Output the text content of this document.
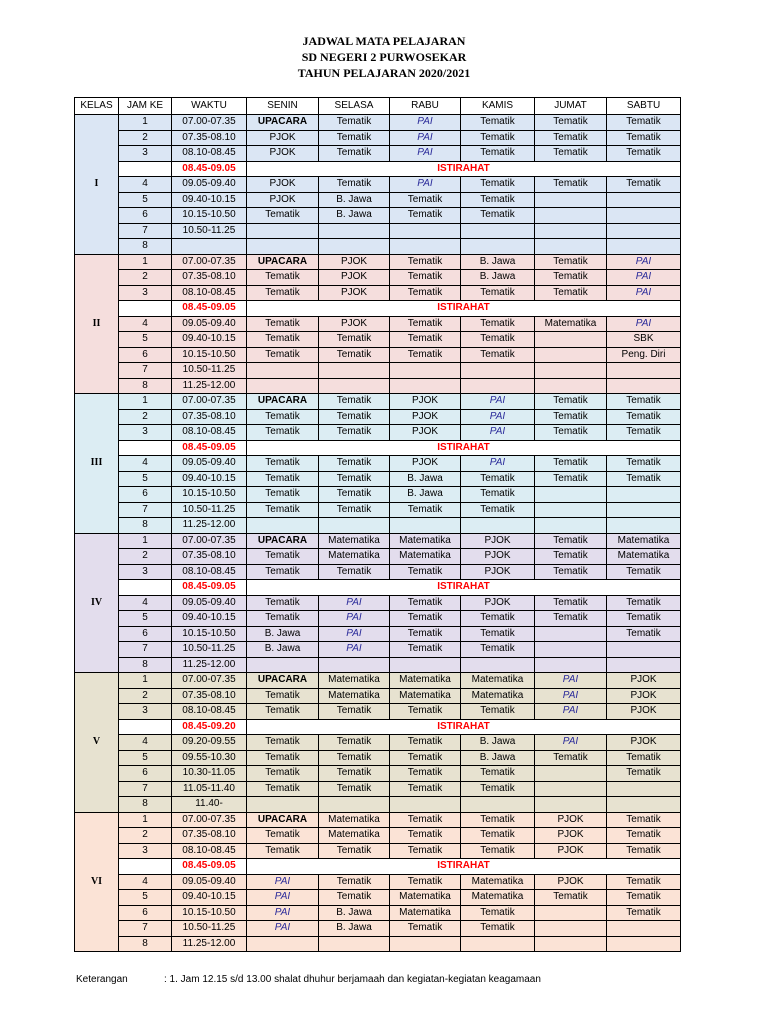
JADWAL MATA PELAJARAN
SD NEGERI 2 PURWOSEKAR
TAHUN PELAJARAN 2020/2021
KELAS	JAM KE	WAKTU	SENIN	SELASA	RABU	KAMIS	JUMAT	SABTU
I	1	07.00-07.35	UPACARA	Tematik	PAI	Tematik	Tematik	Tematik
	2	07.35-08.10	PJOK	Tematik	PAI	Tematik	Tematik	Tematik
	3	08.10-08.45	PJOK	Tematik	PAI	Tematik	Tematik	Tematik
		08.45-09.05	ISTIRAHAT					
	4	09.05-09.40	PJOK	Tematik	PAI	Tematik	Tematik	Tematik
	5	09.40-10.15	PJOK	B. Jawa	Tematik	Tematik		
	6	10.15-10.50	Tematik	B. Jawa	Tematik	Tematik		
	7	10.50-11.25						
	8							
II	1	07.00-07.35	UPACARA	PJOK	Tematik	B. Jawa	Tematik	PAI
	2	07.35-08.10	Tematik	PJOK	Tematik	B. Jawa	Tematik	PAI
	3	08.10-08.45	Tematik	PJOK	Tematik	Tematik	Tematik	PAI
		08.45-09.05	ISTIRAHAT					
	4	09.05-09.40	Tematik	PJOK	Tematik	Tematik	Matematika	PAI
	5	09.40-10.15	Tematik	Tematik	Tematik	Tematik		SBK
	6	10.15-10.50	Tematik	Tematik	Tematik	Tematik		Peng. Diri
	7	10.50-11.25						
	8	11.25-12.00						
III	1	07.00-07.35	UPACARA	Tematik	PJOK	PAI	Tematik	Tematik
	2	07.35-08.10	Tematik	Tematik	PJOK	PAI	Tematik	Tematik
	3	08.10-08.45	Tematik	Tematik	PJOK	PAI	Tematik	Tematik
		08.45-09.05	ISTIRAHAT					
	4	09.05-09.40	Tematik	Tematik	PJOK	PAI	Tematik	Tematik
	5	09.40-10.15	Tematik	Tematik	B. Jawa	Tematik	Tematik	Tematik
	6	10.15-10.50	Tematik	Tematik	B. Jawa	Tematik		
	7	10.50-11.25	Tematik	Tematik	Tematik	Tematik		
	8	11.25-12.00						
IV	1	07.00-07.35	UPACARA	Matematika	Matematika	PJOK	Tematik	Matematika
	2	07.35-08.10	Tematik	Matematika	Matematika	PJOK	Tematik	Matematika
	3	08.10-08.45	Tematik	Tematik	Tematik	PJOK	Tematik	Tematik
		08.45-09.05	ISTIRAHAT					
	4	09.05-09.40	Tematik	PAI	Tematik	PJOK	Tematik	Tematik
	5	09.40-10.15	Tematik	PAI	Tematik	Tematik	Tematik	Tematik
	6	10.15-10.50	B. Jawa	PAI	Tematik	Tematik		Tematik
	7	10.50-11.25	B. Jawa	PAI	Tematik	Tematik		
	8	11.25-12.00						
V	1	07.00-07.35	UPACARA	Matematika	Matematika	Matematika	PAI	PJOK
	2	07.35-08.10	Tematik	Matematika	Matematika	Matematika	PAI	PJOK
	3	08.10-08.45	Tematik	Tematik	Tematik	Tematik	PAI	PJOK
		08.45-09.20	ISTIRAHAT					
	4	09.20-09.55	Tematik	Tematik	Tematik	B. Jawa	PAI	PJOK
	5	09.55-10.30	Tematik	Tematik	Tematik	B. Jawa	Tematik	Tematik
	6	10.30-11.05	Tematik	Tematik	Tematik	Tematik		Tematik
	7	11.05-11.40	Tematik	Tematik	Tematik	Tematik		
	8	11.40-						
VI	1	07.00-07.35	UPACARA	Matematika	Tematik	Tematik	PJOK	Tematik
	2	07.35-08.10	Tematik	Matematika	Tematik	Tematik	PJOK	Tematik
	3	08.10-08.45	Tematik	Tematik	Tematik	Tematik	PJOK	Tematik
		08.45-09.05	ISTIRAHAT					
	4	09.05-09.40	PAI	Tematik	Tematik	Matematika	PJOK	Tematik
	5	09.40-10.15	PAI	Tematik	Matematika	Matematika	Tematik	Tematik
	6	10.15-10.50	PAI	B. Jawa	Matematika	Tematik		Tematik
	7	10.50-11.25	PAI	B. Jawa	Tematik	Tematik		
	8	11.25-12.00						
Keterangan	: 1. Jam 12.15 s/d 13.00 shalat dhuhur berjamaah dan kegiatan-kegiatan keagamaan
